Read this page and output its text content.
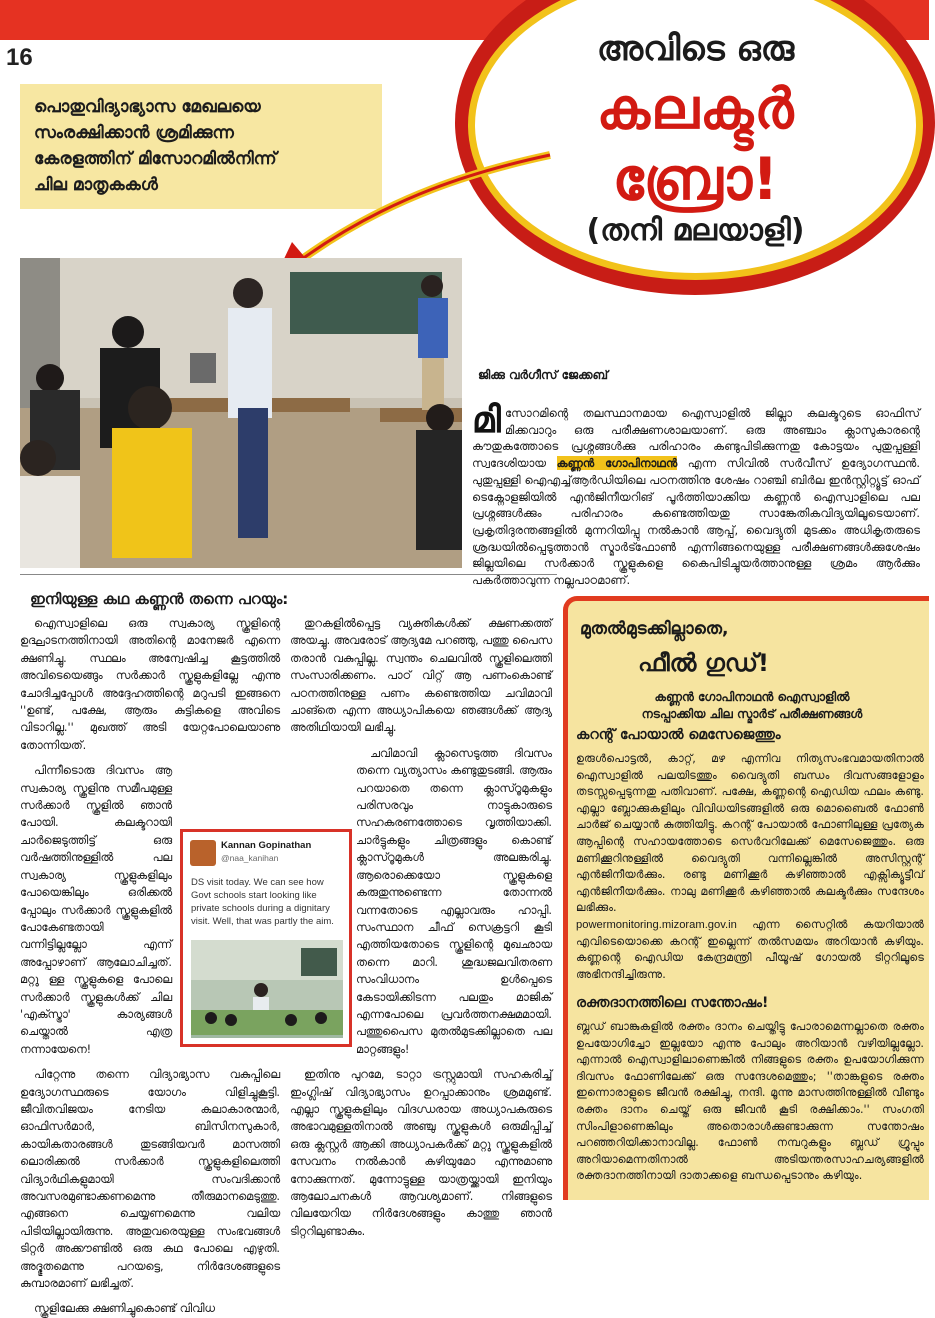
16

പൊതുവിദ്യാഭ്യാസ മേഖലയെ

സംരക്ഷിക്കാൻ ശ്രമിക്കുന്ന

കേരളത്തിന് മിസോറമിൽനിന്ന്

ചില മാതൃകകൾ

അവിടെ ഒരു
കലക്ടർ
ബ്രോ!
(തനി മലയാളി)
ജിക്കു വർഗീസ് ജേക്കബ്
മിസോറമിന്റെ തലസ്ഥാനമായ ഐസ്വാളിൽ ജില്ലാ കലക്ടറുടെ ഓഫിസ് മിക്കവാറും ഒരു പരീക്ഷണശാലയാണ്. ഒരു അഞ്ചാം ക്ലാസുകാരന്റെ കൗതുകത്തോടെ പ്രശ്നങ്ങൾക്കു പരിഹാരം കണ്ടുപിടിക്കുന്നതു കോട്ടയം പുതുപ്പള്ളി സ്വദേശിയായ കണ്ണൻ ഗോപിനാഥൻ എന്ന സിവിൽ സർവീസ് ഉദ്യോഗസ്ഥൻ. പുതുപ്പള്ളി ഐഎച്ച്ആർഡിയിലെ പഠനത്തിനു ശേഷം റാഞ്ചി ബിർല ഇൻസ്റ്റിറ്റ്യൂട്ട് ഓഫ് ടെക്നോളജിയിൽ എൻജിനീയറിങ് പൂർത്തിയാക്കിയ കണ്ണൻ ഐസ്വാളിലെ പല പ്രശ്നങ്ങൾക്കും പരിഹാരം കണ്ടെത്തിയതു സാങ്കേതികവിദ്യയിലൂടെയാണ്. പ്രകൃതിദുരന്തങ്ങളിൽ മുന്നറിയിപ്പു നൽകാൻ ആപ്പ്, വൈദ്യുതി മുടക്കം അധികൃതരുടെ ശ്രദ്ധയിൽപ്പെടുത്താൻ സ്മാർട്ഫോൺ എന്നിങ്ങനെയുള്ള പരീക്ഷണങ്ങൾക്കുശേഷം ജില്ലയിലെ സർക്കാർ സ്കൂളുകളെ കൈപിടിച്ചുയർത്താനുള്ള ശ്രമം ആർക്കും പകർത്താവുന്ന നല്ലപാഠമാണ്.
ഇനിയുള്ള കഥ കണ്ണൻ തന്നെ പറയും:

ഐസ്വാളിലെ ഒരു സ്വകാര്യ സ്കൂളിന്റെ ഉദ്ഘാടനത്തിനായി അതിന്റെ മാനേജർ എന്നെ ക്ഷണിച്ചു. സ്ഥലം അന്വേഷിച്ച കൂട്ടത്തിൽ അവിടെയെങ്ങും സർക്കാർ സ്കൂളുകളില്ലേ എന്നു ചോദിച്ചപ്പോൾ അദ്ദേഹത്തിന്റെ മറുപടി ഇങ്ങനെ ''ഉണ്ട്, പക്ഷേ, ആരും കുട്ടികളെ അവിടെ വിടാറില്ല.'' മുഖത്ത് അടി യേറ്റപോലെയാണു തോന്നിയത്.

പിന്നീടൊരു ദിവസം ആ സ്വകാര്യ സ്കൂളിനു സമീപമുള്ള സർക്കാർ സ്കൂളിൽ ഞാൻ പോയി. കലക്ടറായി ചാർജെടുത്തിട്ട് ഒരു വർഷത്തിനുള്ളിൽ പല സ്വകാര്യ സ്കൂളുകളിലും പോയെങ്കിലും ഒരിക്കൽ പ്പോലും സർക്കാർ സ്കൂളുകളിൽ പോകേണ്ടതായി വന്നിട്ടില്ലല്ലോ എന്ന് അപ്പോഴാണ് ആലോചിച്ചത്. മറ്റു ള്ള സ്കൂളുകളെ പോലെ സർക്കാർ സ്കൂളുകൾക്ക് ചില 'എക്സ്ട്രാ' കാര്യങ്ങൾ ചെയ്താൽ എത്ര നന്നായേനെ!

പിറ്റേന്നു തന്നെ വിദ്യാഭ്യാസ വകുപ്പിലെ ഉദ്യോഗസ്ഥരുടെ യോഗം വിളിച്ചുകൂട്ടി. ജീവിതവിജയം നേടിയ കലാകാരന്മാർ, ഓഫിസർമാർ, ബിസിനസുകാർ, കായികതാരങ്ങൾ തുടങ്ങിയവർ മാസത്തി ലൊരിക്കൽ സർക്കാർ സ്കൂളുകളിലെത്തി വിദ്യാർഥികളുമായി സംവദിക്കാൻ അവസരമുണ്ടാക്കണമെന്നു തീരുമാനമെടുത്തു. എങ്ങനെ ചെയ്യണമെന്നു വലിയ പിടിയില്ലായിരുന്നു. അതുവരെയുള്ള സംഭവങ്ങൾ ടിറ്റർ അക്കൗണ്ടിൽ ഒരു കഥ പോലെ എഴുതി. അദ്ഭുതമെന്നു പറയട്ടെ, നിർദേശങ്ങളുടെ കുമ്പാരമാണ് ലഭിച്ചത്.

സ്കൂളിലേക്കു ക്ഷണിച്ചുകൊണ്ട് വിവിധ

തുറകളിൽപ്പെട്ട വ്യക്തികൾക്ക് ക്ഷണക്കത്ത് അയച്ചു. അവരോട് ആദ്യമേ പറഞ്ഞു, പത്തു പൈസ തരാൻ വകുപ്പില്ല. സ്വന്തം ചെലവിൽ സ്കൂളിലെത്തി സംസാരിക്കണം. പാഠ്‌ വിറ്റ് ആ പണംകൊണ്ട് പഠനത്തിനുള്ള പണം കണ്ടെത്തിയ ചവിമാവി ചാങ്തെ എന്ന അധ്യാപികയെ ഞങ്ങൾക്ക് ആദ്യ അതിഥിയായി ലഭിച്ചു.

ചവിമാവി ക്ലാസെടുത്ത ദിവസം തന്നെ വ്യത്യാസം കണ്ടുതുടങ്ങി. ആരും പറയാതെ തന്നെ ക്ലാസ്റൂമുകളും പരിസരവും നാട്ടുകാരുടെ സഹകരണത്തോടെ വൃത്തിയാക്കി. ചാർട്ടുകളും ചിത്രങ്ങളും കൊണ്ട് ക്ലാസ്റൂമുകൾ അലങ്കരിച്ചു. ആരൊക്കെയോ സ്കൂളുകളെ കരുതുന്നുണ്ടെന്ന തോന്നൽ വന്നതോടെ എല്ലാവരും ഹാപ്പി. സംസ്ഥാന ചീഫ് സെക്രട്ടറി കൂടി എത്തിയതോടെ സ്കൂളിന്റെ മുഖഛായ തന്നെ മാറി. ശുദ്ധജലവിതരണ സംവിധാനം ഉൾപ്പെടെ കേടായിക്കിടന്ന പലതും മാജിക് എന്നപോലെ പ്രവർത്തനക്ഷമമായി. പത്തുപൈസ മുതൽമുടക്കില്ലാതെ പല മാറ്റങ്ങളും!

ഇതിനു പുറമേ, ടാറ്റാ ട്രസ്റ്റുമായി സഹകരിച്ച് ഇംഗ്ലിഷ് വിദ്യാഭ്യാസം ഉറപ്പാക്കാനും ശ്രമമുണ്ട്. എല്ലാ സ്കൂളുകളിലും വിദഗ്ധരായ അധ്യാപകരുടെ അഭാവമുള്ളതിനാൽ അഞ്ചു സ്കൂളുകൾ ഒരുമിപ്പിച്ച് ഒരു ക്ലസ്റ്റർ ആക്കി അധ്യാപകർക്ക് മറ്റു സ്കൂളുകളിൽ സേവനം നൽകാൻ കഴിയുമോ എന്നുമാണു നോക്കുന്നത്. മുന്നോട്ടുള്ള യാത്രയ്ക്കായി ഇനിയും ആലോചനകൾ ആവശ്യമാണ്. നിങ്ങളുടെ വിലയേറിയ നിർദേശങ്ങളും കാത്തു ഞാൻ ടിറ്ററിലുണ്ടാകും.

Kannan Gopinathan
@naa_kanihan
DS visit today. We can see how Govt schools start looking like private schools during a dignitary visit. Well, that was partly the aim.
മുതൽമുടക്കില്ലാതെ,
ഫീൽ ഗുഡ്!
കണ്ണൻ ഗോപിനാഥൻ ഐസ്വാളിൽ
നടപ്പാക്കിയ ചില സ്മാർട് പരീക്ഷണങ്ങൾ
കറന്റ് പോയാൽ മെസേജെത്തും
ഉരുൾപൊട്ടൽ, കാറ്റ്, മഴ എന്നിവ നിത്യസംഭവമായതിനാൽ ഐസ്വാളിൽ പലയിടത്തും വൈദ്യുതി ബന്ധം ദിവസങ്ങളോളം തടസ്സപ്പെടുന്നതു പതിവാണ്. പക്ഷേ, കണ്ണന്റെ ഐഡിയ ഫലം കണ്ടു. എല്ലാ ബ്ലോക്കുകളിലും വിവിധയിടങ്ങളിൽ ഒരു മൊബൈൽ ഫോൺ ചാർജ് ചെയ്യാൻ കുത്തിയിട്ടു. കറന്റ് പോയാൽ ഫോണിലുള്ള പ്രത്യേക ആപ്പിന്റെ സഹായത്തോടെ സെർവറിലേക്ക് മെസേജെത്തും. ഒരു മണിക്കൂറിനുള്ളിൽ വൈദ്യുതി വന്നില്ലെങ്കിൽ അസിസ്റ്റന്റ് എൻജിനീയർക്കും. രണ്ടു മണിക്കൂർ കഴിഞ്ഞാൽ എക്സിക്യൂട്ടീവ് എൻജിനീയർക്കും. നാലു മണിക്കൂർ കഴിഞ്ഞാൽ കലക്ടർക്കും സന്ദേശം ലഭിക്കും.
powermonitoring.mizoram.gov.in എന്ന സൈറ്റിൽ കയറിയാൽ എവിടെയൊക്കെ കറന്റ് ഇല്ലെന്ന് തൽസമയം അറിയാൻ കഴിയും. കണ്ണന്റെ ഐഡിയ കേന്ദ്രമന്ത്രി പീയൂഷ് ഗോയൽ ടിറ്ററിലൂടെ അഭിനന്ദിച്ചിരുന്നു.
രക്തദാനത്തിലെ സന്തോഷം!
ബ്ലഡ് ബാങ്കുകളിൽ രക്തം ദാനം ചെയ്തിട്ടു പോരാമെന്നല്ലാതെ രക്തം ഉപയോഗിച്ചോ ഇല്ലയോ എന്നു പോലും അറിയാൻ വഴിയില്ലല്ലോ. എന്നാൽ ഐസ്വാളിലാണെങ്കിൽ നിങ്ങളുടെ രക്തം ഉപയോഗിക്കുന്ന ദിവസം ഫോണിലേക്ക് ഒരു സന്ദേശമെത്തും; ''താങ്കളുടെ രക്തം ഇന്നൊരാളുടെ ജീവൻ രക്ഷിച്ചു, നന്ദി. മൂന്നു മാസത്തിനുള്ളിൽ വീണ്ടും രക്തം ദാനം ചെയ്ത് ഒരു ജീവൻ കൂടി രക്ഷിക്കാം.'' സംഗതി സിംപിളാണെങ്കിലും അതൊരാൾക്കുണ്ടാക്കുന്ന സന്തോഷം പറഞ്ഞറിയിക്കാനാവില്ല. ഫോൺ നമ്പറുകളും ബ്ലഡ് ഗ്രൂപ്പും അറിയാമെന്നതിനാൽ അടിയന്തരസാഹചര്യങ്ങളിൽ രക്തദാനത്തിനായി ദാതാക്കളെ ബന്ധപ്പെടാനും കഴിയും.
